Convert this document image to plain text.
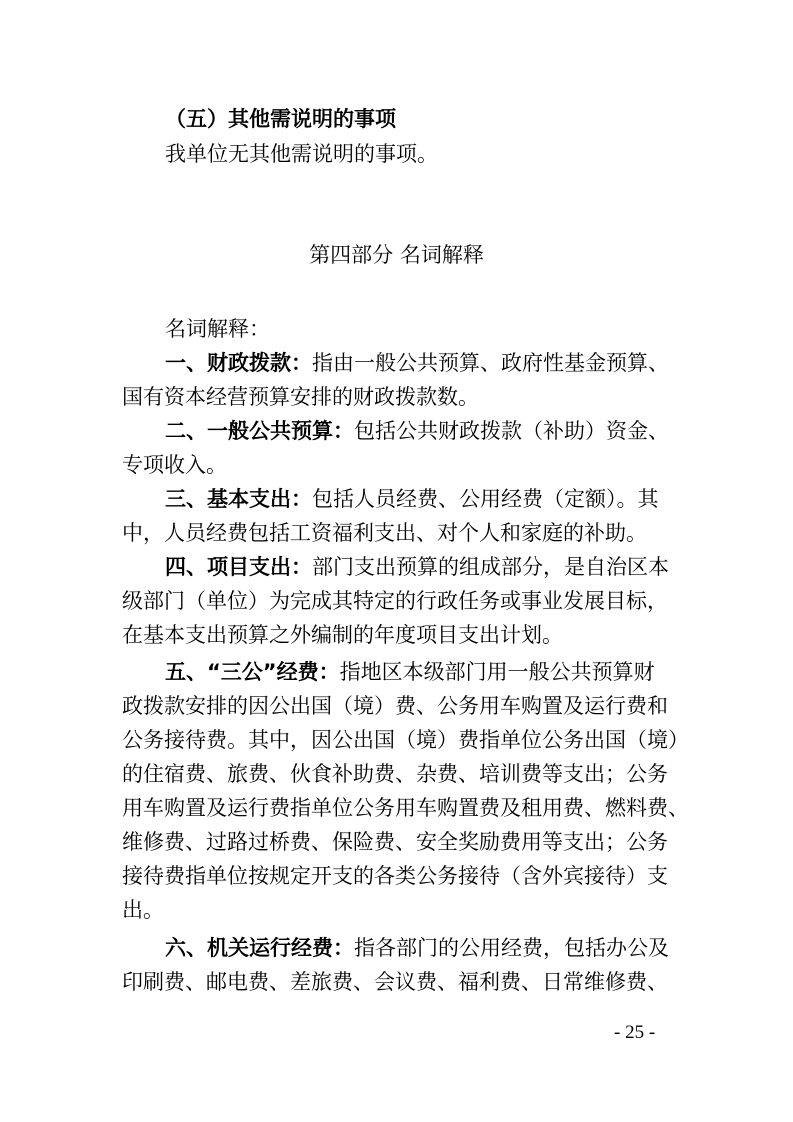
（五）其他需说明的事项
我单位无其他需说明的事项。
第四部分 名词解释
名词解释：
一、财政拨款：指由一般公共预算、政府性基金预算、
国有资本经营预算安排的财政拨款数。
二、一般公共预算：包括公共财政拨款（补助）资金、
专项收入。
三、基本支出：包括人员经费、公用经费（定额）。其
中，人员经费包括工资福利支出、对个人和家庭的补助。
四、项目支出：部门支出预算的组成部分，是自治区本
级部门（单位）为完成其特定的行政任务或事业发展目标，
在基本支出预算之外编制的年度项目支出计划。
五、“三公”经费：指地区本级部门用一般公共预算财
政拨款安排的因公出国（境）费、公务用车购置及运行费和
公务接待费。其中，因公出国（境）费指单位公务出国（境）
的住宿费、旅费、伙食补助费、杂费、培训费等支出；公务
用车购置及运行费指单位公务用车购置费及租用费、燃料费、
维修费、过路过桥费、保险费、安全奖励费用等支出；公务
接待费指单位按规定开支的各类公务接待（含外宾接待）支
出。
六、机关运行经费：指各部门的公用经费，包括办公及
印刷费、邮电费、差旅费、会议费、福利费、日常维修费、
- 25 -
